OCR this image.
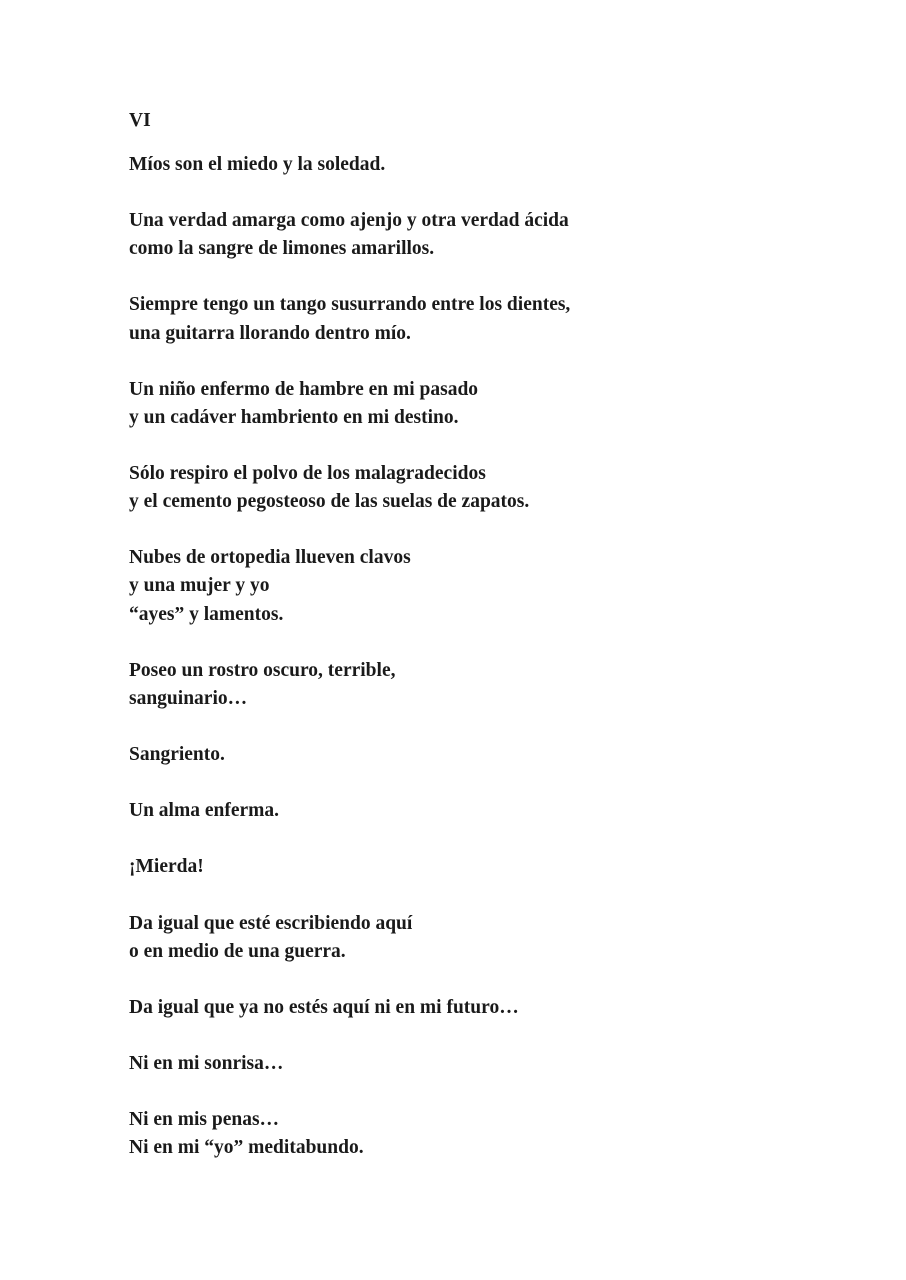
VI
Míos son el miedo y la soledad.
Una verdad amarga como ajenjo y otra verdad ácida
como la sangre de limones amarillos.
Siempre tengo un tango susurrando entre los dientes,
una guitarra llorando dentro mío.
Un niño enfermo de hambre en mi pasado
y un cadáver hambriento en mi destino.
Sólo respiro el polvo de los malagradecidos
y el cemento pegosteoso de las suelas de zapatos.
Nubes de ortopedia llueven clavos
y una mujer y yo
“ayes” y lamentos.
Poseo un rostro oscuro, terrible,
sanguinario…
Sangriento.
Un alma enferma.
¡Mierda!
Da igual que esté escribiendo aquí
o en medio de una guerra.
Da igual que ya no estés aquí ni en mi futuro…
Ni en mi sonrisa…
Ni en mis penas…
Ni en mi “yo” meditabundo.
